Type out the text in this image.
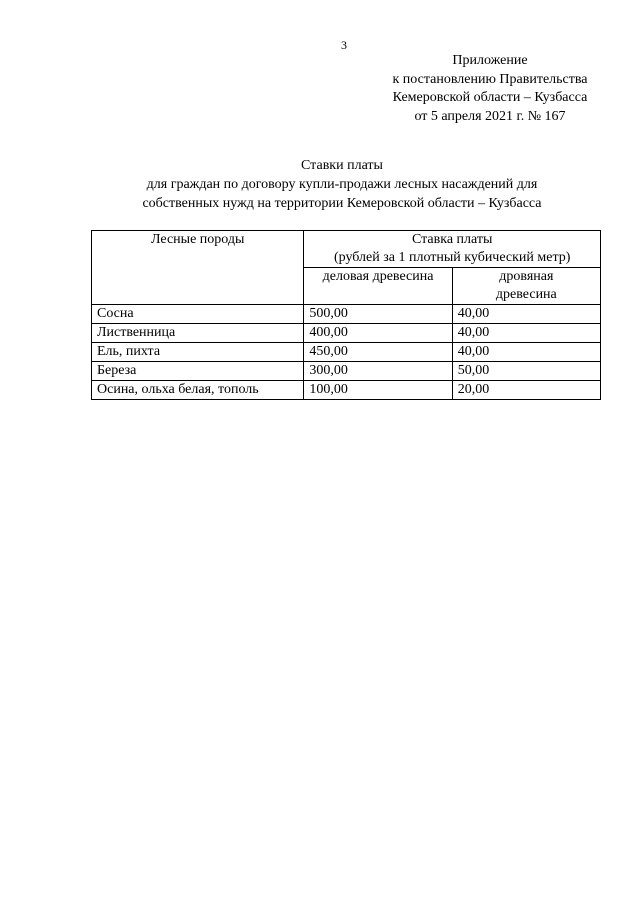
3
Приложение
к постановлению Правительства
Кемеровской области – Кузбасса
от 5 апреля 2021 г. № 167
Ставки платы
для граждан по договору купли-продажи лесных насаждений для
собственных нужд на территории Кемеровской области – Кузбасса
Лесные породы	Ставка платы
(рублей за 1 плотный кубический метр)	

	деловая древесина	дровяная
древесина

Сосна	500,00	40,00
Лиственница	400,00	40,00
Ель, пихта	450,00	40,00
Береза	300,00	50,00
Осина, ольха белая, тополь	100,00	20,00
